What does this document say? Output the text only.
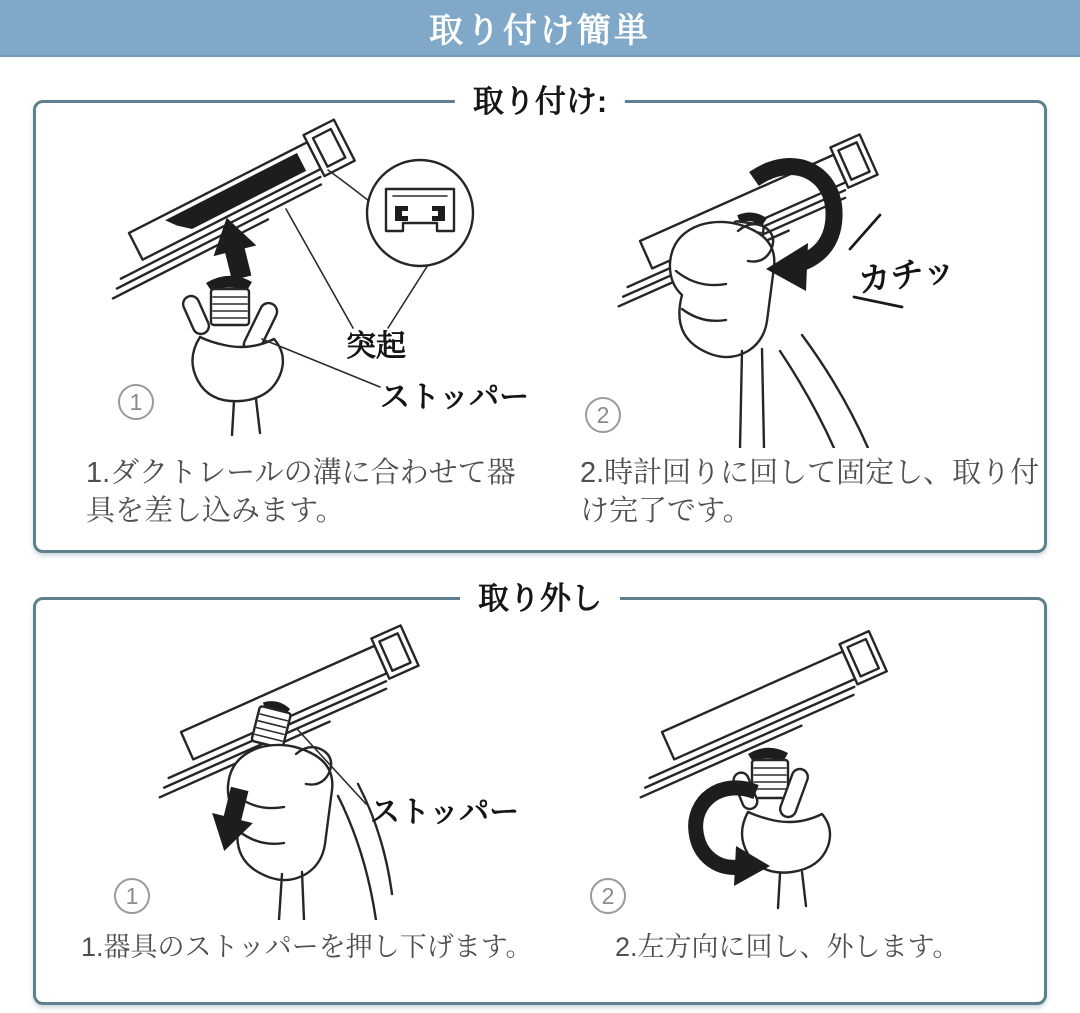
取り付け簡単
取り付け:
突起
ストッパー
1
1.ダクトレールの溝に合わせて器具を差し込みます。
カチッ
2
2.時計回りに回して固定し、取り付け完了です。
取り外し
ストッパー
1
1.器具のストッパーを押し下げます。
2
2.左方向に回し、外します。
